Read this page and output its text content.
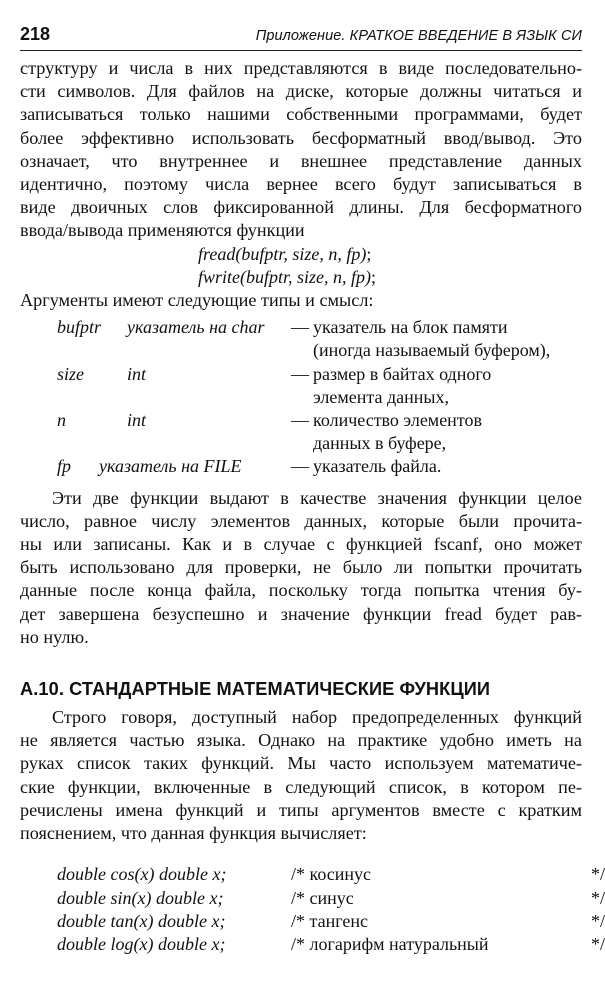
218	Приложение. КРАТКОЕ ВВЕДЕНИЕ В ЯЗЫК СИ

структуру и числа в них представляются в виде последовательно-
сти символов. Для файлов на диске, которые должны читаться и
записываться только нашими собственными программами, будет
более эффективно использовать бесформатный ввод/вывод. Это
означает, что внутреннее и внешнее представление данных
идентично, поэтому числа вернее всего будут записываться в
виде двоичных слов фиксированной длины. Для бесформатного
ввода/вывода применяются функции

fread(bufptr, size, n, fp);
fwrite(bufptr, size, n, fp);

Аргументы имеют следующие типы и смысл:

bufptr	указатель на char	— указатель на блок памяти
(иногда называемый буфером),
size	int	— размер в байтах одного
элемента данных,
n	int	— количество элементов
данных в буфере,
fp	указатель на FILE	— указатель файла.

Эти две функции выдают в качестве значения функции целое
число, равное числу элементов данных, которые были прочита-
ны или записаны. Как и в случае с функцией fscanf, оно может
быть использовано для проверки, не было ли попытки прочитать
данные после конца файла, поскольку тогда попытка чтения бу-
дет завершена безуспешно и значение функции fread будет рав-
но нулю.

А.10. СТАНДАРТНЫЕ МАТЕМАТИЧЕСКИЕ ФУНКЦИИ

Строго говоря, доступный набор предопределенных функций
не является частью языка. Однако на практике удобно иметь на
руках список таких функций. Мы часто используем математиче-
ские функции, включенные в следующий список, в котором пе-
речислены имена функций и типы аргументов вместе с кратким
пояснением, что данная функция вычисляет:

double cos(x) double x;	/* косинус	*/
double sin(x) double x;	/* синус	*/
double tan(x) double x;	/* тангенс	*/
double log(x) double x;	/* логарифм натуральный	*/
